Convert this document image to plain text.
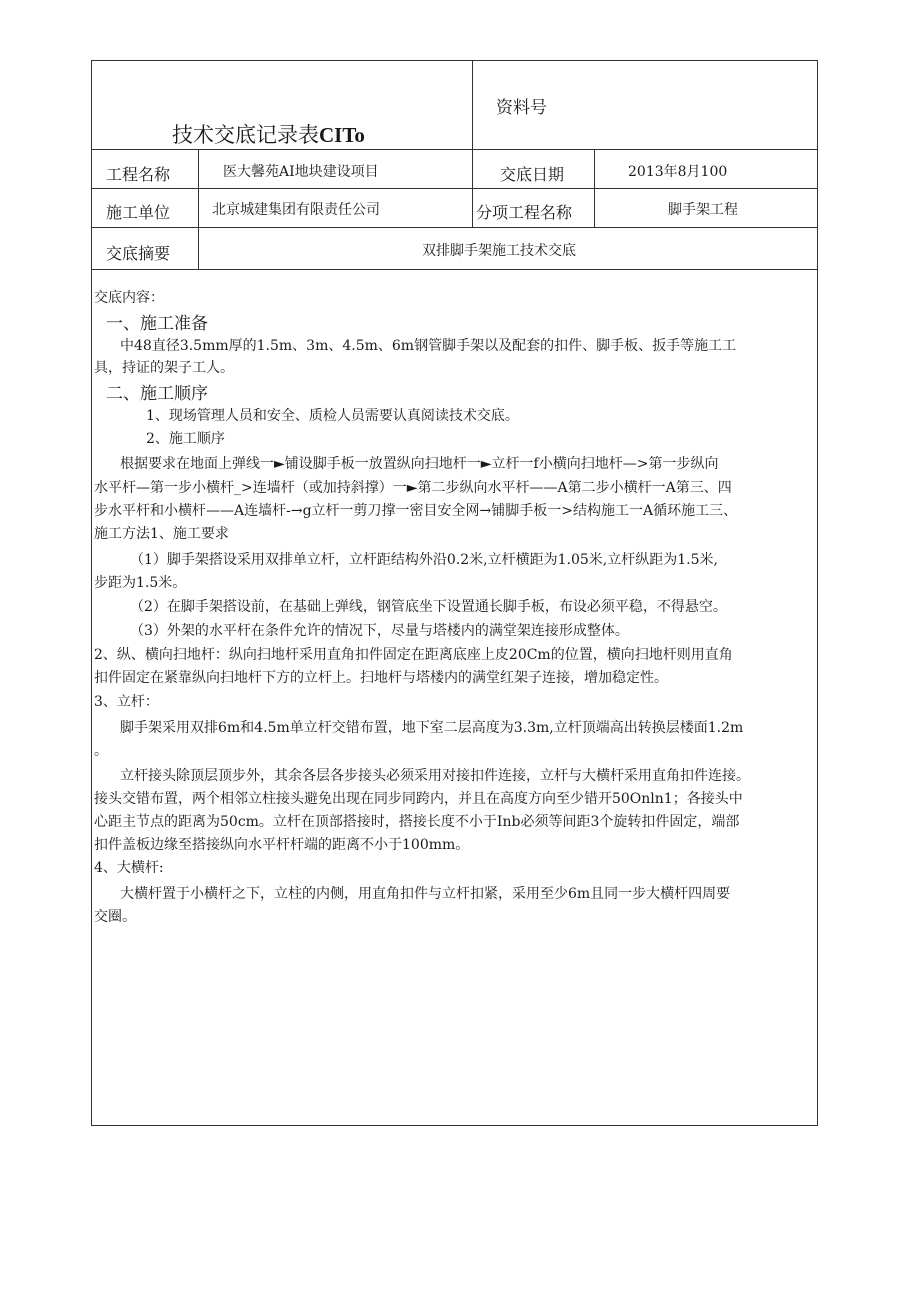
技术交底记录表CITo
资料号
工程名称	医大馨苑AI地块建设项目	交底日期	2013年8月100
施工单位	北京城建集团有限责任公司	分项工程名称	脚手架工程
交底摘要	双排脚手架施工技术交底
交底内容：
一、施工准备
中48直径3.5mm厚的1.5m、3m、4.5m、6m钢管脚手架以及配套的扣件、脚手板、扳手等施工工
具，持证的架子工人。
二、施工顺序
1、现场管理人员和安全、质检人员需要认真阅读技术交底。
2、施工顺序
根据要求在地面上弹线一►铺设脚手板一放置纵向扫地杆一►立杆一f小横向扫地杆—>第一步纵向
水平杆—第一步小横杆_>连墙杆（或加持斜撑）一►第二步纵向水平杆——A第二步小横杆一A第三、四
步水平杆和小横杆——A连墙杆-→g立杆一剪刀撑一密目安全网→铺脚手板一>结构施工一A循环施工三、
施工方法1、施工要求
（1）脚手架搭设采用双排单立杆，立杆距结构外沿0.2米,立杆横距为1.05米,立杆纵距为1.5米,
步距为1.5米。
（2）在脚手架搭设前，在基础上弹线，钢管底坐下设置通长脚手板，布设必须平稳，不得悬空。
（3）外架的水平杆在条件允许的情况下，尽量与塔楼内的满堂架连接形成整体。
2、纵、横向扫地杆：纵向扫地杆采用直角扣件固定在距离底座上皮20Cm的位置，横向扫地杆则用直角
扣件固定在紧靠纵向扫地杆下方的立杆上。扫地杆与塔楼内的满堂红架子连接，增加稳定性。
3、立杆：
脚手架采用双排6m和4.5m单立杆交错布置，地下室二层高度为3.3m,立杆顶端高出转换层楼面1.2m
。
立杆接头除顶层顶步外，其余各层各步接头必须采用对接扣件连接，立杆与大横杆采用直角扣件连接。
接头交错布置，两个相邻立柱接头避免出现在同步同跨内，并且在高度方向至少错开50Onln1；各接头中
心距主节点的距离为50cm。立杆在顶部搭接时，搭接长度不小于Inb必须等间距3个旋转扣件固定，端部
扣件盖板边缘至搭接纵向水平杆杆端的距离不小于100mm。
4、大横杆:
大横杆置于小横杆之下，立柱的内侧，用直角扣件与立杆扣紧，采用至少6m且同一步大横杆四周要
交圈。
